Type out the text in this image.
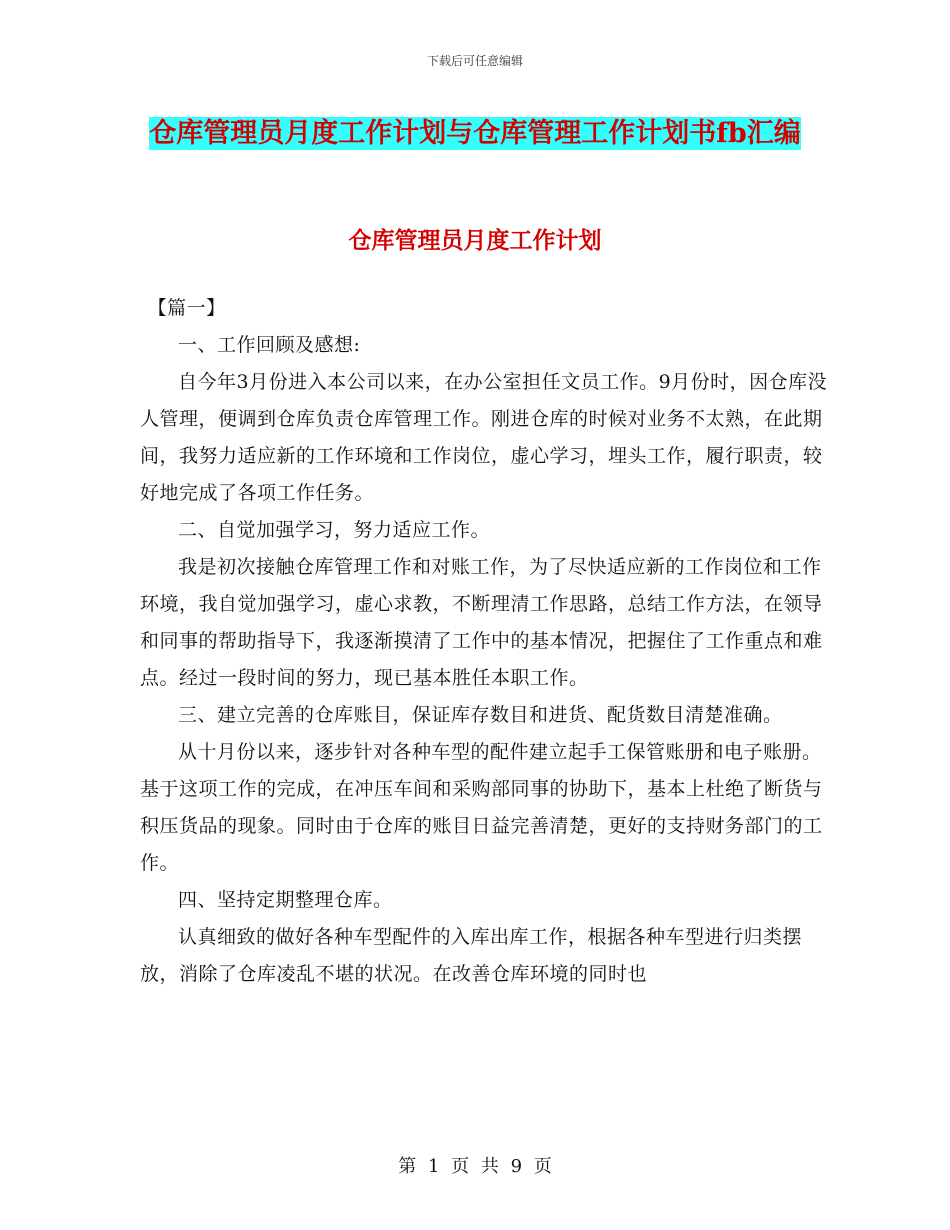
下载后可任意编辑
仓库管理员月度工作计划与仓库管理工作计划书fb汇编
仓库管理员月度工作计划

【篇一】

一、工作回顾及感想:

自今年3月份进入本公司以来，在办公室担任文员工作。9月份时，因仓库没人管理，便调到仓库负责仓库管理工作。刚进仓库的时候对业务不太熟，在此期间，我努力适应新的工作环境和工作岗位，虚心学习，埋头工作，履行职责，较好地完成了各项工作任务。

二、自觉加强学习，努力适应工作。

我是初次接触仓库管理工作和对账工作，为了尽快适应新的工作岗位和工作环境，我自觉加强学习，虚心求教，不断理清工作思路，总结工作方法，在领导和同事的帮助指导下，我逐渐摸清了工作中的基本情况，把握住了工作重点和难点。经过一段时间的努力，现已基本胜任本职工作。

三、建立完善的仓库账目，保证库存数目和进货、配货数目清楚准确。

从十月份以来，逐步针对各种车型的配件建立起手工保管账册和电子账册。基于这项工作的完成，在冲压车间和采购部同事的协助下，基本上杜绝了断货与积压货品的现象。同时由于仓库的账目日益完善清楚，更好的支持财务部门的工作。

四、坚持定期整理仓库。

认真细致的做好各种车型配件的入库出库工作，根据各种车型进行归类摆放，消除了仓库凌乱不堪的状况。在改善仓库环境的同时也

第 1 页 共 9 页
